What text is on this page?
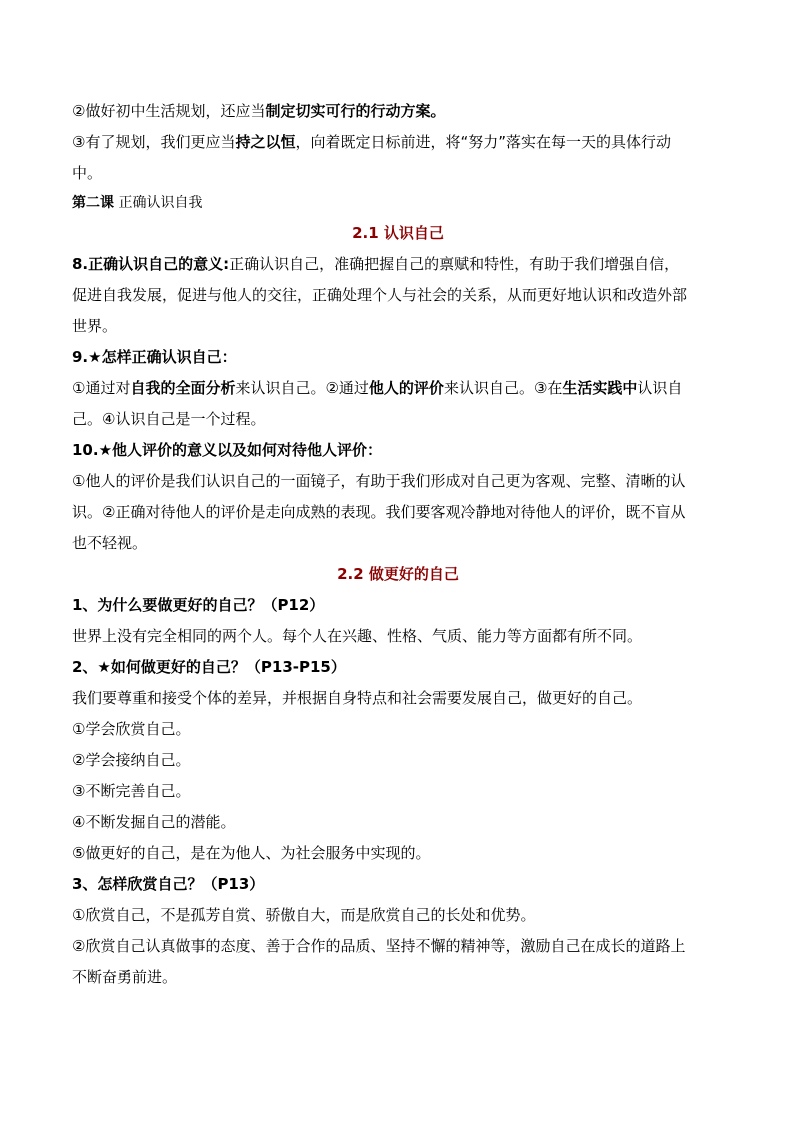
②做好初中生活规划，还应当制定切实可行的行动方案。
③有了规划，我们更应当持之以恒，向着既定日标前进，将“努力”落实在每一天的具体行动
中。
第二课 正确认识自我
2.1 认识自己
8.正确认识自己的意义:正确认识自己，准确把握自己的禀赋和特性，有助于我们增强自信，
促进自我发展，促进与他人的交往，正确处理个人与社会的关系，从而更好地认识和改造外部
世界。
9.★怎样正确认识自己：
①通过对自我的全面分析来认识自己。②通过他人的评价来认识自己。③在生活实践中认识自
己。④认识自己是一个过程。
10.★他人评价的意义以及如何对待他人评价：
①他人的评价是我们认识自己的一面镜子，有助于我们形成对自己更为客观、完整、清晰的认
识。②正确对待他人的评价是走向成熟的表现。我们要客观冷静地对待他人的评价，既不盲从
也不轻视。
2.2 做更好的自己
1、为什么要做更好的自己？（P12）
世界上没有完全相同的两个人。每个人在兴趣、性格、气质、能力等方面都有所不同。
2、★如何做更好的自己？（P13-P15）
我们要尊重和接受个体的差异，并根据自身特点和社会需要发展自己，做更好的自己。
①学会欣赏自己。
②学会接纳自己。
③不断完善自己。
④不断发掘自己的潜能。
⑤做更好的自己，是在为他人、为社会服务中实现的。
3、怎样欣赏自己？（P13）
①欣赏自己，不是孤芳自赏、骄傲自大，而是欣赏自己的长处和优势。
②欣赏自己认真做事的态度、善于合作的品质、坚持不懈的精神等，激励自己在成长的道路上
不断奋勇前进。
